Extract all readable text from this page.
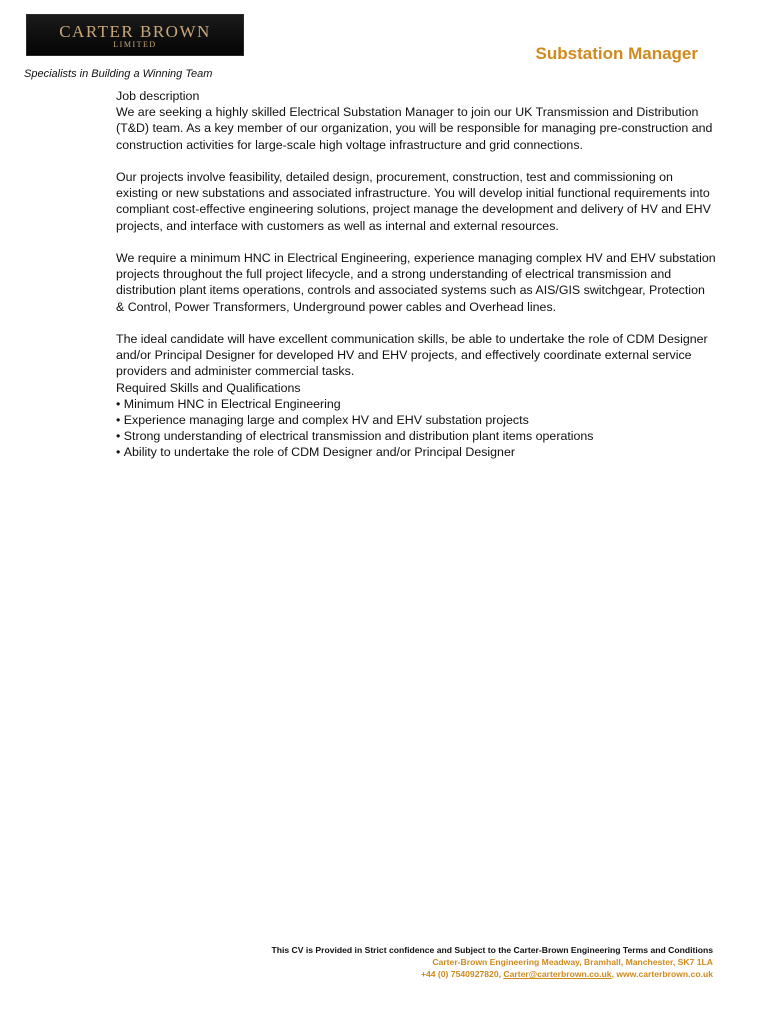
CARTER BROWN
LIMITED
Specialists in Building a Winning Team
Substation Manager

Job description

We are seeking a highly skilled Electrical Substation Manager to join our UK Transmission and Distribution (T&D) team. As a key member of our organization, you will be responsible for managing pre-construction and construction activities for large-scale high voltage infrastructure and grid connections.

Our projects involve feasibility, detailed design, procurement, construction, test and commissioning on existing or new substations and associated infrastructure. You will develop initial functional requirements into compliant cost-effective engineering solutions, project manage the development and delivery of HV and EHV projects, and interface with customers as well as internal and external resources.

We require a minimum HNC in Electrical Engineering, experience managing complex HV and EHV substation projects throughout the full project lifecycle, and a strong understanding of electrical transmission and distribution plant items operations, controls and associated systems such as AIS/GIS switchgear, Protection & Control, Power Transformers, Underground power cables and Overhead lines.

The ideal candidate will have excellent communication skills, be able to undertake the role of CDM Designer and/or Principal Designer for developed HV and EHV projects, and effectively coordinate external service providers and administer commercial tasks.

Required Skills and Qualifications

• Minimum HNC in Electrical Engineering
• Experience managing large and complex HV and EHV substation projects
• Strong understanding of electrical transmission and distribution plant items operations
• Ability to undertake the role of CDM Designer and/or Principal Designer
This CV is Provided in Strict confidence and Subject to the Carter-Brown Engineering Terms and Conditions
Carter-Brown Engineering Meadway, Bramhall, Manchester, SK7 1LA
+44 (0) 7540927820, Carter@carterbrown.co.uk, www.carterbrown.co.uk
